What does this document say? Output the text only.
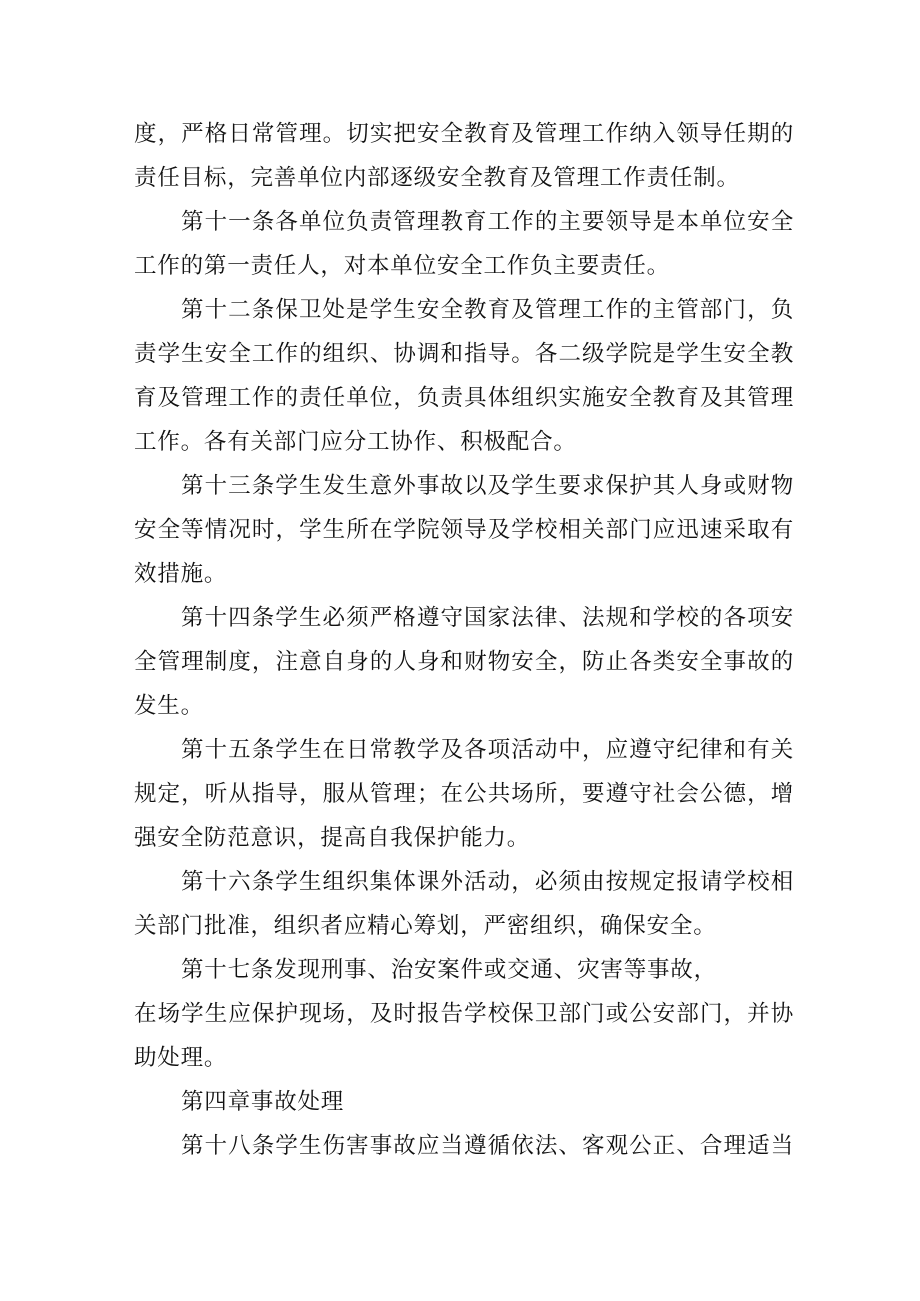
度，严格日常管理。切实把安全教育及管理工作纳入领导任期的
责任目标，完善单位内部逐级安全教育及管理工作责任制。
第十一条各单位负责管理教育工作的主要领导是本单位安全
工作的第一责任人，对本单位安全工作负主要责任。
第十二条保卫处是学生安全教育及管理工作的主管部门，负
责学生安全工作的组织、协调和指导。各二级学院是学生安全教
育及管理工作的责任单位，负责具体组织实施安全教育及其管理
工作。各有关部门应分工协作、积极配合。
第十三条学生发生意外事故以及学生要求保护其人身或财物
安全等情况时，学生所在学院领导及学校相关部门应迅速采取有
效措施。
第十四条学生必须严格遵守国家法律、法规和学校的各项安
全管理制度，注意自身的人身和财物安全，防止各类安全事故的
发生。
第十五条学生在日常教学及各项活动中，应遵守纪律和有关
规定，听从指导，服从管理；在公共场所，要遵守社会公德，增
强安全防范意识，提高自我保护能力。
第十六条学生组织集体课外活动，必须由按规定报请学校相
关部门批准，组织者应精心筹划，严密组织，确保安全。
第十七条发现刑事、治安案件或交通、灾害等事故，
在场学生应保护现场，及时报告学校保卫部门或公安部门，并协
助处理。
第四章事故处理
第十八条学生伤害事故应当遵循依法、客观公正、合理适当
